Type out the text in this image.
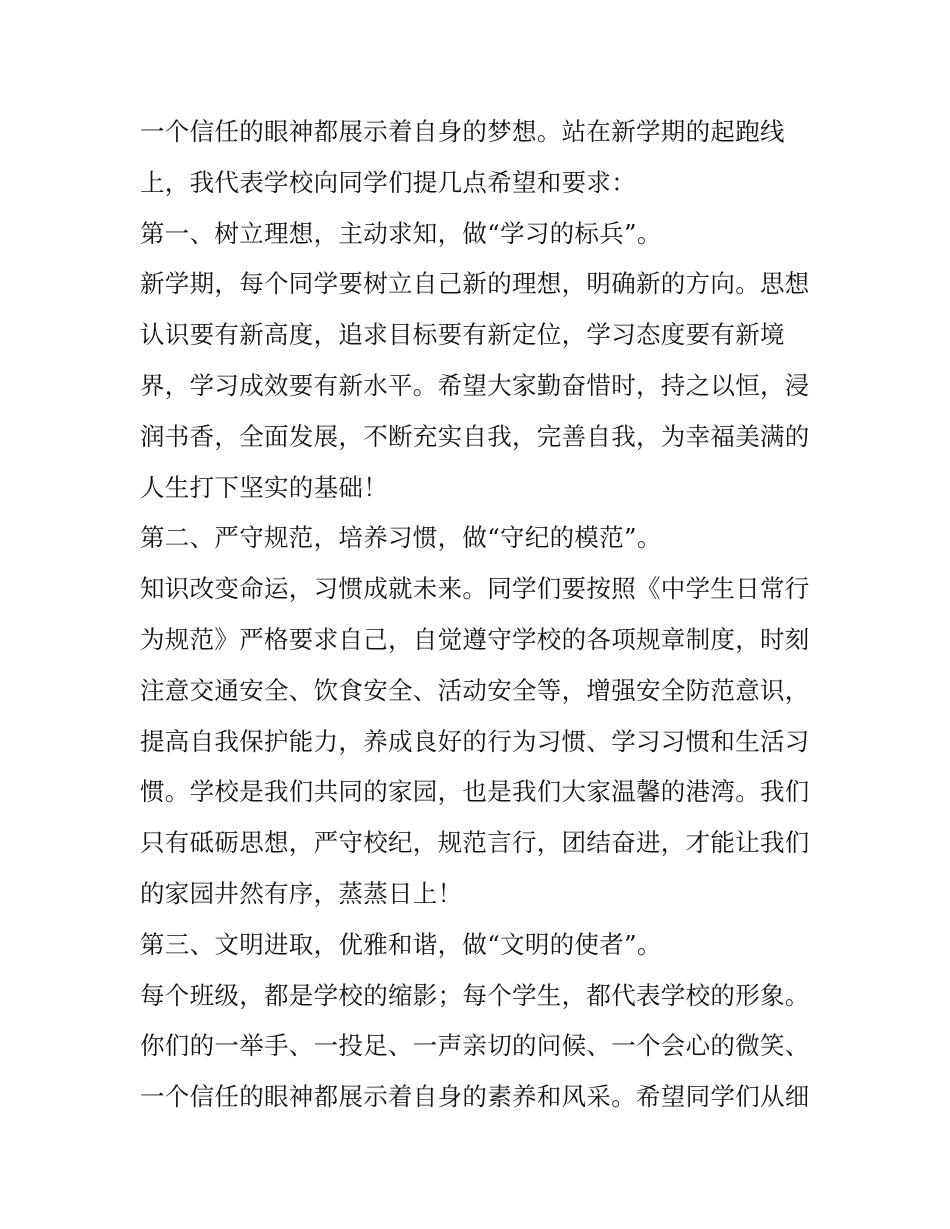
一个信任的眼神都展示着自身的梦想。站在新学期的起跑线
上，我代表学校向同学们提几点希望和要求：
第一、树立理想，主动求知，做“学习的标兵”。
新学期，每个同学要树立自己新的理想，明确新的方向。思想
认识要有新高度，追求目标要有新定位，学习态度要有新境
界，学习成效要有新水平。希望大家勤奋惜时，持之以恒，浸
润书香，全面发展，不断充实自我，完善自我，为幸福美满的
人生打下坚实的基础！
第二、严守规范，培养习惯，做“守纪的模范”。
知识改变命运，习惯成就未来。同学们要按照《中学生日常行
为规范》严格要求自己，自觉遵守学校的各项规章制度，时刻
注意交通安全、饮食安全、活动安全等，增强安全防范意识，
提高自我保护能力，养成良好的行为习惯、学习习惯和生活习
惯。学校是我们共同的家园，也是我们大家温馨的港湾。我们
只有砥砺思想，严守校纪，规范言行，团结奋进，才能让我们
的家园井然有序，蒸蒸日上！
第三、文明进取，优雅和谐，做“文明的使者”。
每个班级，都是学校的缩影；每个学生，都代表学校的形象。
你们的一举手、一投足、一声亲切的问候、一个会心的微笑、
一个信任的眼神都展示着自身的素养和风采。希望同学们从细
